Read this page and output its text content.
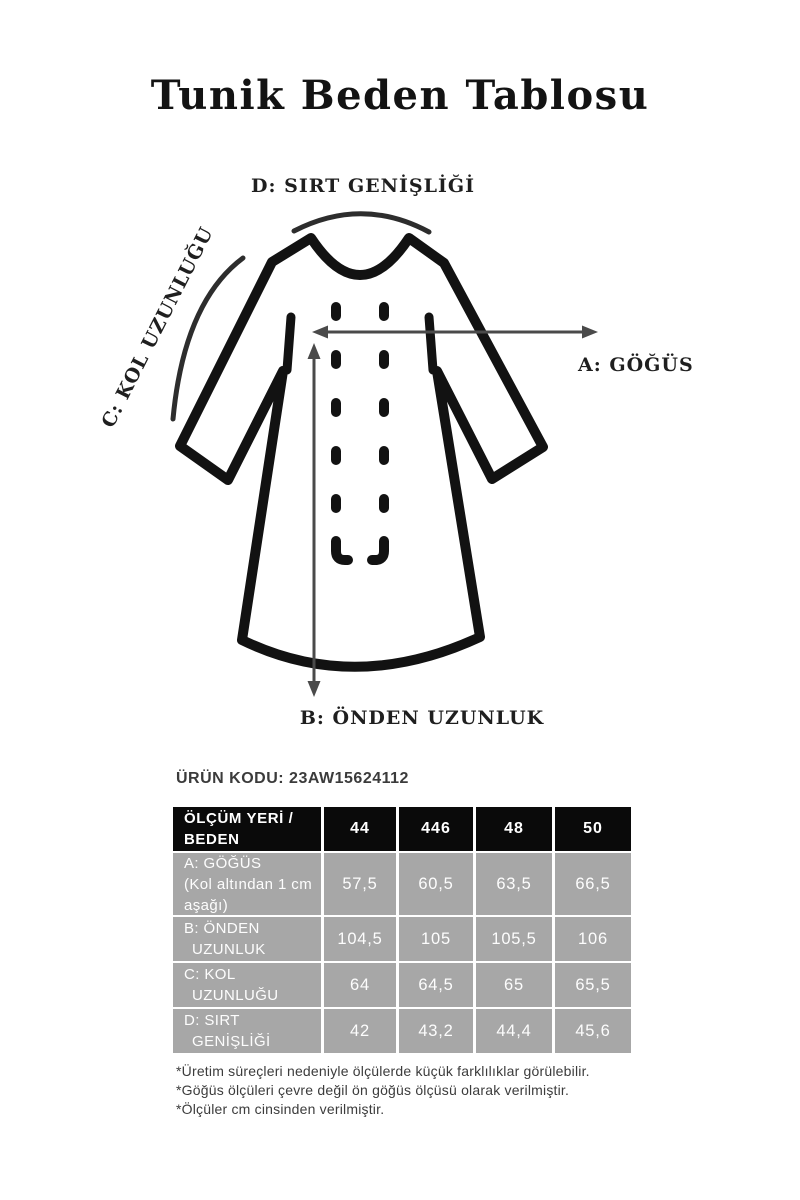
Tunik Beden Tablosu
D: SIRT GENİŞLİĞİ
C: KOL UZUNLUĞU	A: GÖĞÜS
B: ÖNDEN UZUNLUK
ÜRÜN KODU: 23AW15624112
ÖLÇÜM YERİ /
BEDEN
44	446	48	50
A: GÖĞÜS
(Kol altından 1 cm
aşağı)
57,5	60,5	63,5	66,5
B: ÖNDEN
UZUNLUK
104,5	105	105,5	106
C: KOL
UZUNLUĞU
64	64,5	65	65,5
D: SIRT
GENİŞLİĞİ
42	43,2	44,4	45,6
*Üretim süreçleri nedeniyle ölçülerde küçük farklılıklar görülebilir.
*Göğüs ölçüleri çevre değil ön göğüs ölçüsü olarak verilmiştir.
*Ölçüler cm cinsinden verilmiştir.
